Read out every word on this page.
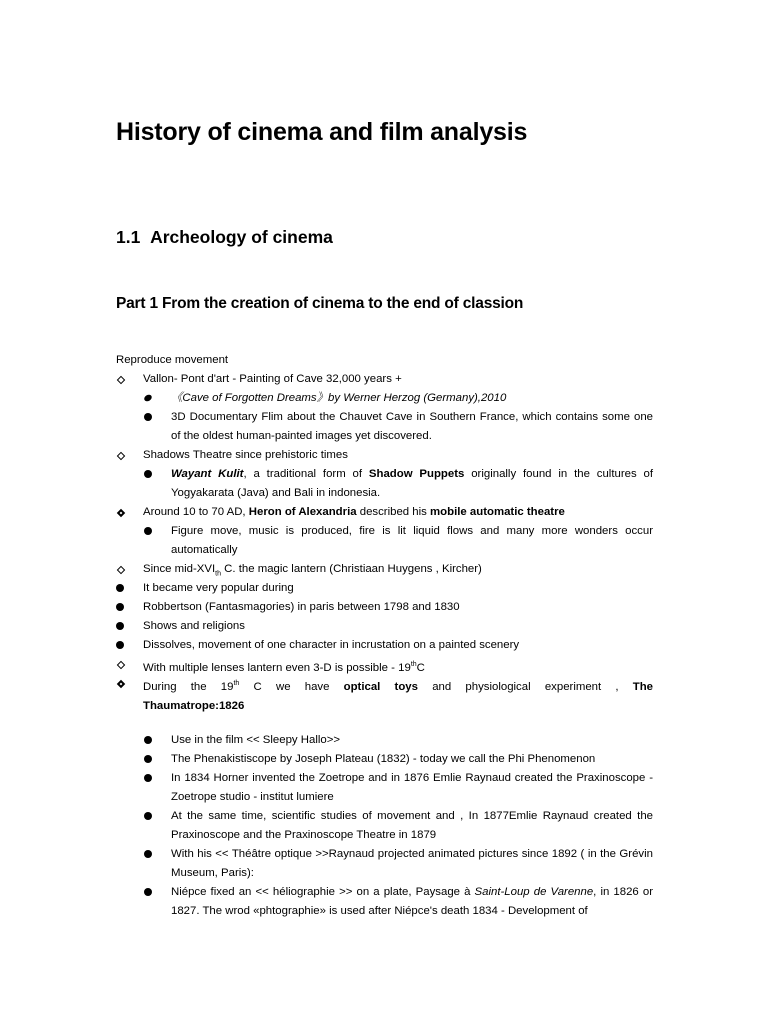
History of cinema and film analysis
1.1 Archeology of cinema
Part 1 From the creation of cinema to the end of classion
Reproduce movement
Vallon- Pont d'art - Painting of Cave 32,000 years +
《Cave of Forgotten Dreams》by Werner Herzog (Germany),2010
3D Documentary Flim about the Chauvet Cave in Southern France, which contains some one of the oldest human-painted images yet discovered.
Shadows Theatre since prehistoric times
Wayant Kulit, a traditional form of Shadow Puppets originally found in the cultures of Yogyakarata (Java) and Bali in indonesia.
Around 10 to 70 AD, Heron of Alexandria described his mobile automatic theatre
Figure move, music is produced, fire is lit liquid flows and many more wonders occur automatically
Since mid-$XVI_{th}$ C. the magic lantern (Christiaan Huygens , Kircher)
It became very popular during
Robbertson (Fantasmagories) in paris between 1798 and 1830
Shows and religions
Dissolves, movement of one character in incrustation on a painted scenery
With multiple lenses lantern even 3-D is possible - 19thC
During the 19th C we have optical toys and physiological experiment , The Thaumatrope:1826
Use in the film << Sleepy Hallo>>
The Phenakistiscope by Joseph Plateau (1832) - today we call the Phi Phenomenon
In 1834 Horner invented the Zoetrope and in 1876 Emlie Raynaud created the Praxinoscope - Zoetrope studio - institut lumiere
At the same time, scientific studies of movement and , In 1877Emlie Raynaud created the Praxinoscope and the Praxinoscope Theatre in 1879
With his << Théâtre optique >>Raynaud projected animated pictures since 1892 ( in the Grévin Museum, Paris):
Niépce fixed an << héliographie >> on a plate, Paysage à Saint-Loup de Varenne, in 1826 or 1827. The wrod «phtographie» is used after Niépce's death 1834 - Development of
